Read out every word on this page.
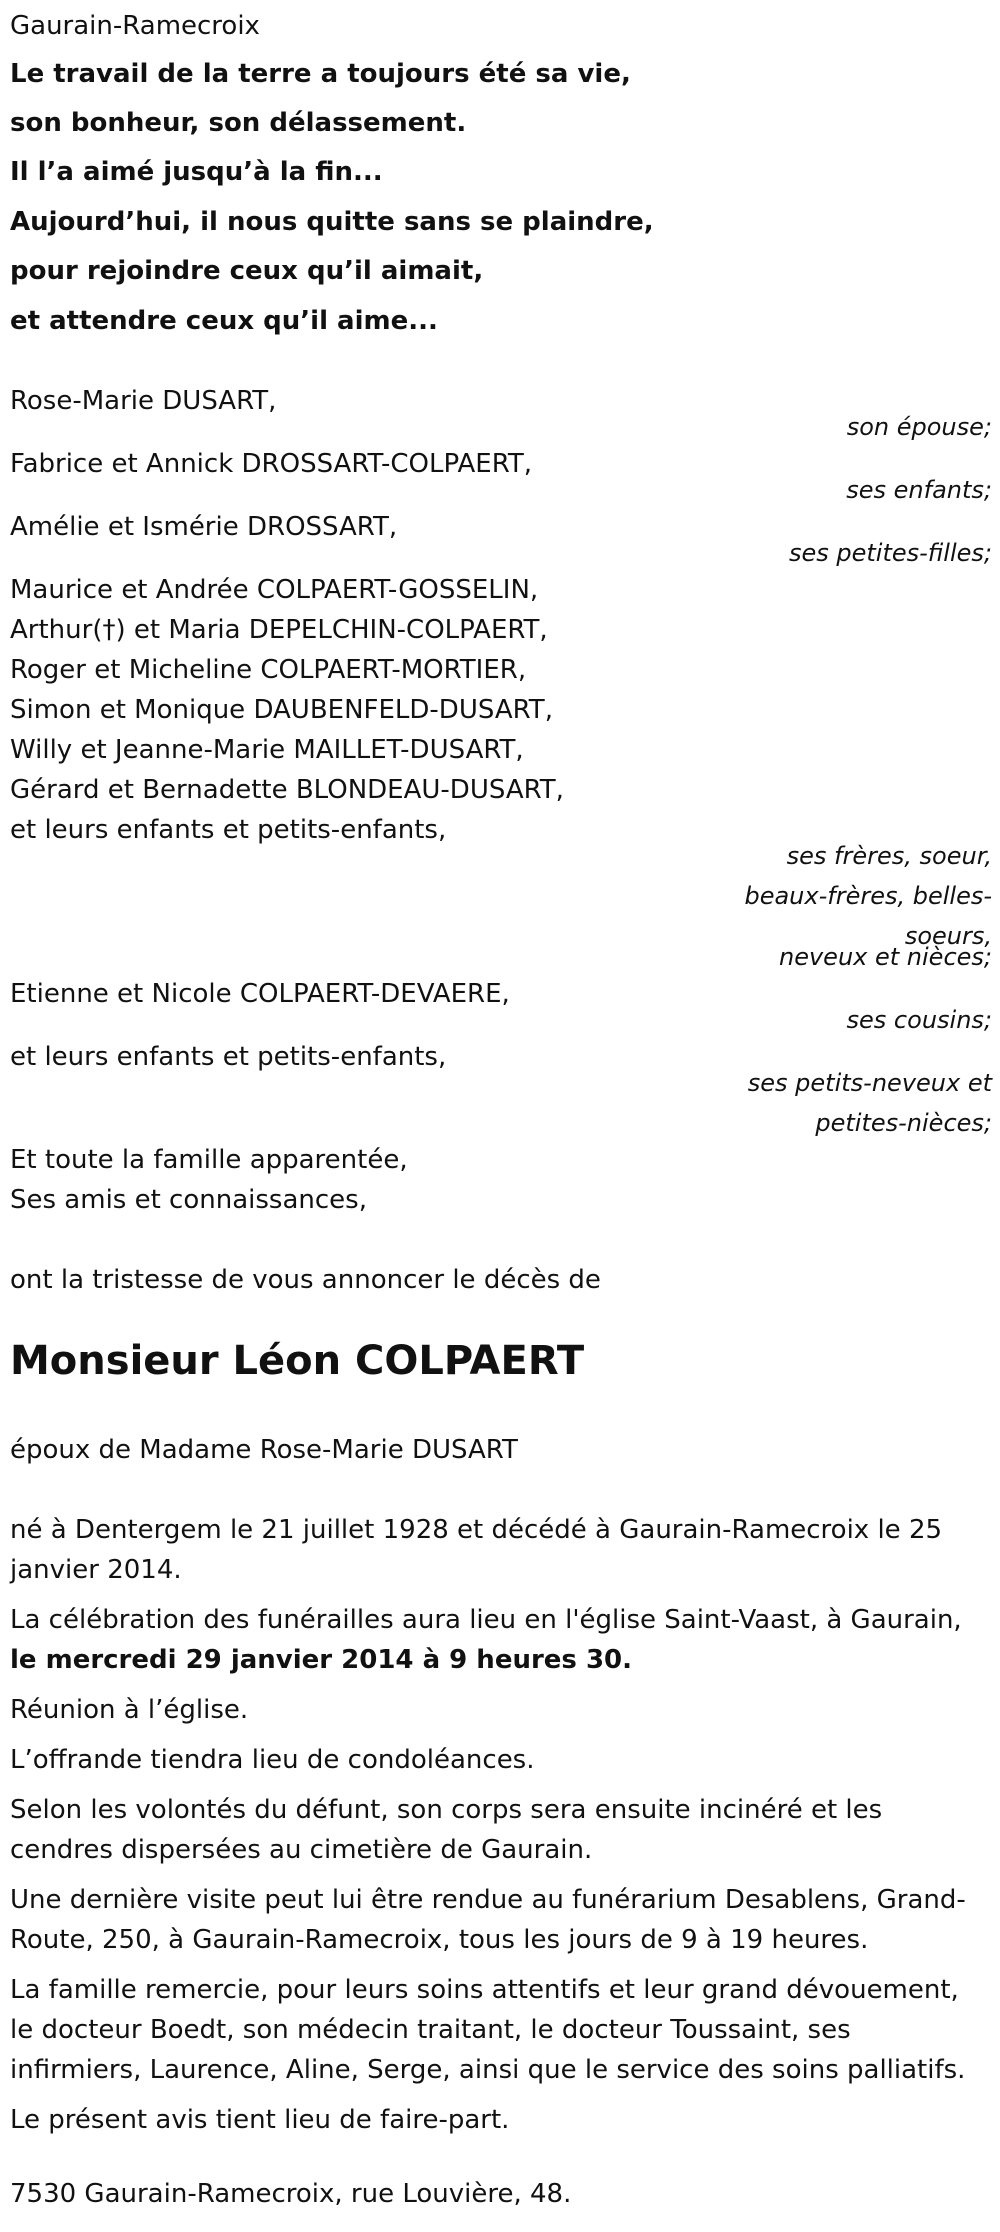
Gaurain-Ramecroix
Le travail de la terre a toujours été sa vie,
son bonheur, son délassement.
Il l’a aimé jusqu’à la fin...
Aujourd’hui, il nous quitte sans se plaindre,
pour rejoindre ceux qu’il aimait,
et attendre ceux qu’il aime...
Rose-Marie DUSART,
son épouse;
Fabrice et Annick DROSSART-COLPAERT,
ses enfants;
Amélie et Ismérie DROSSART,
ses petites-filles;
Maurice et Andrée COLPAERT-GOSSELIN,
Arthur(†) et Maria DEPELCHIN-COLPAERT,
Roger et Micheline COLPAERT-MORTIER,
Simon et Monique DAUBENFELD-DUSART,
Willy et Jeanne-Marie MAILLET-DUSART,
Gérard et Bernadette BLONDEAU-DUSART,
et leurs enfants et petits-enfants,
ses frères, soeur,
beaux-frères, belles-
soeurs,
neveux et nièces;
Etienne et Nicole COLPAERT-DEVAERE,
ses cousins;
et leurs enfants et petits-enfants,
ses petits-neveux et
petites-nièces;
Et toute la famille apparentée,
Ses amis et connaissances,
ont la tristesse de vous annoncer le décès de
Monsieur Léon COLPAERT
époux de Madame Rose-Marie DUSART
né à Dentergem le 21 juillet 1928 et décédé à Gaurain-Ramecroix le 25 janvier 2014.
La célébration des funérailles aura lieu en l'église Saint-Vaast, à Gaurain,
le mercredi 29 janvier 2014 à 9 heures 30.
Réunion à l’église.
L’offrande tiendra lieu de condoléances.
Selon les volontés du défunt, son corps sera ensuite incinéré et les cendres dispersées au cimetière de Gaurain.
Une dernière visite peut lui être rendue au funérarium Desablens, Grand-Route, 250, à Gaurain-Ramecroix, tous les jours de 9 à 19 heures.
La famille remercie, pour leurs soins attentifs et leur grand dévouement, le docteur Boedt, son médecin traitant, le docteur Toussaint, ses infirmiers, Laurence, Aline, Serge, ainsi que le service des soins palliatifs.
Le présent avis tient lieu de faire-part.
7530 Gaurain-Ramecroix, rue Louvière, 48.
